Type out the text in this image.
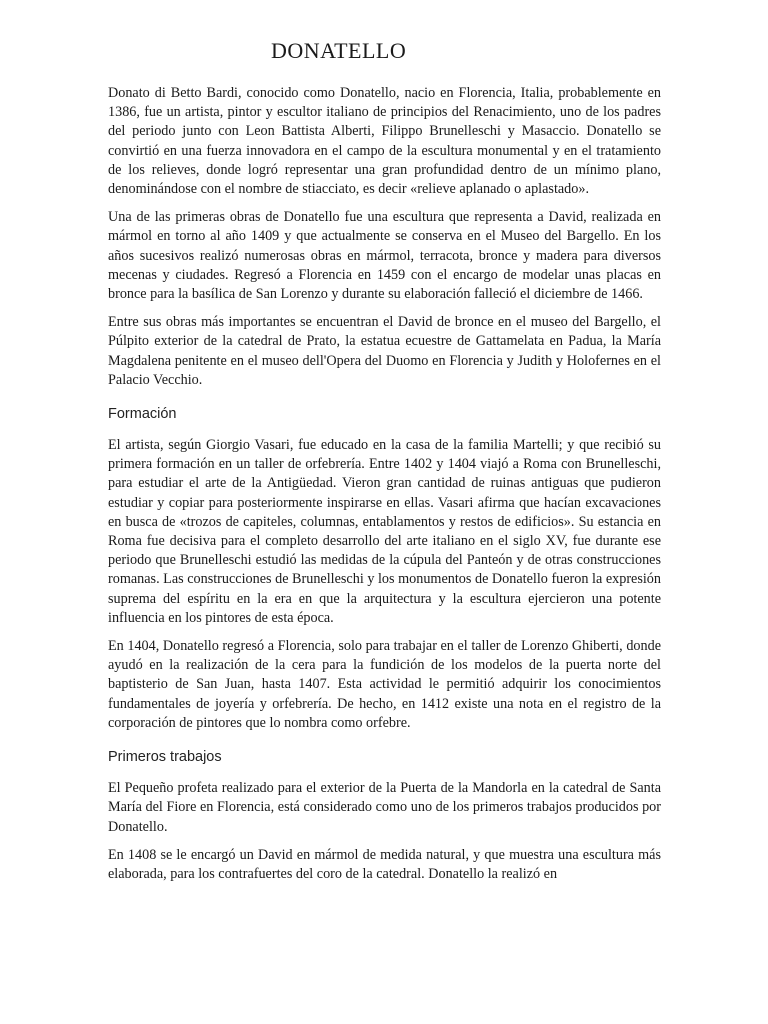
DONATELLO

Donato di Betto Bardi, conocido como Donatello, nacio en Florencia, Italia, probablemente en 1386, fue un artista, pintor y escultor italiano de principios del Renacimiento, uno de los padres del periodo junto con Leon Battista Alberti, Filippo Brunelleschi y Masaccio. Donatello se convirtió en una fuerza innovadora en el campo de la escultura monumental y en el tratamiento de los relieves, donde logró representar una gran profundidad dentro de un mínimo plano, denominándose con el nombre de stiacciato, es decir «relieve aplanado o aplastado».

Una de las primeras obras de Donatello fue una escultura que representa a David, realizada en mármol en torno al año 1409 y que actualmente se conserva en el Museo del Bargello. En los años sucesivos realizó numerosas obras en mármol, terracota, bronce y madera para diversos mecenas y ciudades. Regresó a Florencia en 1459 con el encargo de modelar unas placas en bronce para la basílica de San Lorenzo y durante su elaboración falleció el diciembre de 1466.

Entre sus obras más importantes se encuentran el David de bronce en el museo del Bargello, el Púlpito exterior de la catedral de Prato, la estatua ecuestre de Gattamelata en Padua, la María Magdalena penitente en el museo dell'Opera del Duomo en Florencia y Judith y Holofernes en el Palacio Vecchio.

Formación

El artista, según Giorgio Vasari, fue educado en la casa de la familia Martelli; y que recibió su primera formación en un taller de orfebrería. Entre 1402 y 1404 viajó a Roma con Brunelleschi, para estudiar el arte de la Antigüedad. Vieron gran cantidad de ruinas antiguas que pudieron estudiar y copiar para posteriormente inspirarse en ellas. Vasari afirma que hacían excavaciones en busca de «trozos de capiteles, columnas, entablamentos y restos de edificios». Su estancia en Roma fue decisiva para el completo desarrollo del arte italiano en el siglo XV, fue durante ese periodo que Brunelleschi estudió las medidas de la cúpula del Panteón y de otras construcciones romanas. Las construcciones de Brunelleschi y los monumentos de Donatello fueron la expresión suprema del espíritu en la era en que la arquitectura y la escultura ejercieron una potente influencia en los pintores de esta época.

En 1404, Donatello regresó a Florencia, solo para trabajar en el taller de Lorenzo Ghiberti, donde ayudó en la realización de la cera para la fundición de los modelos de la puerta norte del baptisterio de San Juan, hasta 1407. Esta actividad le permitió adquirir los conocimientos fundamentales de joyería y orfebrería. De hecho, en 1412 existe una nota en el registro de la corporación de pintores que lo nombra como orfebre.

Primeros trabajos

El Pequeño profeta realizado para el exterior de la Puerta de la Mandorla en la catedral de Santa María del Fiore en Florencia, está considerado como uno de los primeros trabajos producidos por Donatello.

En 1408 se le encargó un David en mármol de medida natural, y que muestra una escultura más elaborada, para los contrafuertes del coro de la catedral. Donatello la realizó en
